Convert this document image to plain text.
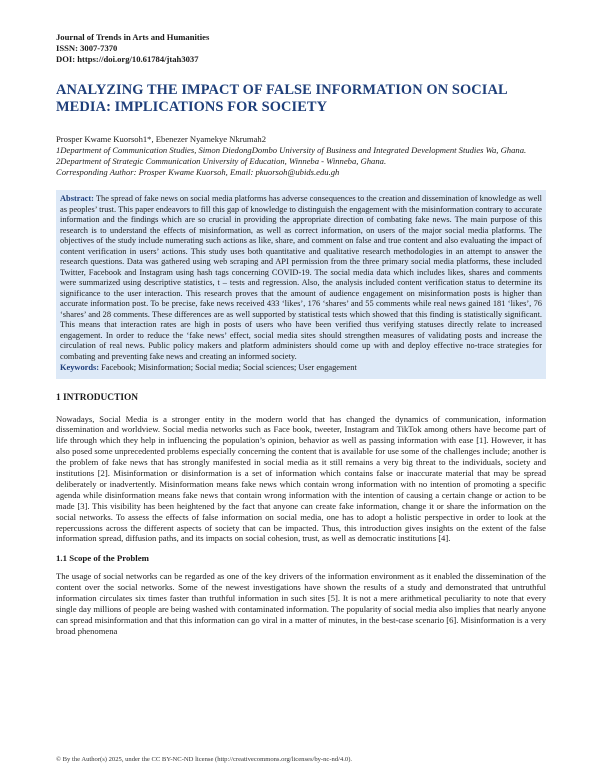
Journal of Trends in Arts and Humanities
ISSN: 3007-7370
DOI: https://doi.org/10.61784/jtah3037
ANALYZING THE IMPACT OF FALSE INFORMATION ON SOCIAL MEDIA: IMPLICATIONS FOR SOCIETY
Prosper Kwame Kuorsoh1*, Ebenezer Nyamekye Nkrumah2
1Department of Communication Studies, Simon DiedongDombo University of Business and Integrated Development Studies Wa, Ghana.
2Department of Strategic Communication University of Education, Winneba - Winneba, Ghana.
Corresponding Author: Prosper Kwame Kuorsoh, Email: pkuorsoh@ubids.edu.gh
Abstract: The spread of fake news on social media platforms has adverse consequences to the creation and dissemination of knowledge as well as peoples’ trust. This paper endeavors to fill this gap of knowledge to distinguish the engagement with the misinformation contrary to accurate information and the findings which are so crucial in providing the appropriate direction of combating fake news. The main purpose of this research is to understand the effects of misinformation, as well as correct information, on users of the major social media platforms. The objectives of the study include numerating such actions as like, share, and comment on false and true content and also evaluating the impact of content verification in users’ actions. This study uses both quantitative and qualitative research methodologies in an attempt to answer the research questions. Data was gathered using web scraping and API permission from the three primary social media platforms, these included Twitter, Facebook and Instagram using hash tags concerning COVID-19. The social media data which includes likes, shares and comments were summarized using descriptive statistics, t – tests and regression. Also, the analysis included content verification status to determine its significance to the user interaction. This research proves that the amount of audience engagement on misinformation posts is higher than accurate information post. To be precise, fake news received 433 ‘likes’, 176 ‘shares’ and 55 comments while real news gained 181 ‘likes’, 76 ‘shares’ and 28 comments. These differences are as well supported by statistical tests which showed that this finding is statistically significant. This means that interaction rates are high in posts of users who have been verified thus verifying statuses directly relate to increased engagement. In order to reduce the ‘fake news’ effect, social media sites should strengthen measures of validating posts and increase the circulation of real news. Public policy makers and platform administers should come up with and deploy effective no-trace strategies for combating and preventing fake news and creating an informed society.
Keywords: Facebook; Misinformation; Social media; Social sciences; User engagement
1 INTRODUCTION

Nowadays, Social Media is a stronger entity in the modern world that has changed the dynamics of communication, information dissemination and worldview. Social media networks such as Face book, tweeter, Instagram and TikTok among others have become part of life through which they help in influencing the population’s opinion, behavior as well as passing information with ease [1]. However, it has also posed some unprecedented problems especially concerning the content that is available for use some of the challenges include; another is the problem of fake news that has strongly manifested in social media as it still remains a very big threat to the individuals, society and institutions [2]. Misinformation or disinformation is a set of information which contains false or inaccurate material that may be spread deliberately or inadvertently. Misinformation means fake news which contain wrong information with no intention of promoting a specific agenda while disinformation means fake news that contain wrong information with the intention of causing a certain change or action to be made [3]. This visibility has been heightened by the fact that anyone can create fake information, change it or share the information on the social networks. To assess the effects of false information on social media, one has to adopt a holistic perspective in order to look at the repercussions across the different aspects of society that can be impacted. Thus, this introduction gives insights on the extent of the false information spread, diffusion paths, and its impacts on social cohesion, trust, as well as democratic institutions [4].

1.1 Scope of the Problem

The usage of social networks can be regarded as one of the key drivers of the information environment as it enabled the dissemination of the content over the social networks. Some of the newest investigations have shown the results of a study and demonstrated that untruthful information circulates six times faster than truthful information in such sites [5]. It is not a mere arithmetical peculiarity to note that every single day millions of people are being washed with contaminated information. The popularity of social media also implies that nearly anyone can spread misinformation and that this information can go viral in a matter of minutes, in the best-case scenario [6]. Misinformation is a very broad phenomena

© By the Author(s) 2025, under the CC BY-NC-ND license (http://creativecommons.org/licenses/by-nc-nd/4.0).
